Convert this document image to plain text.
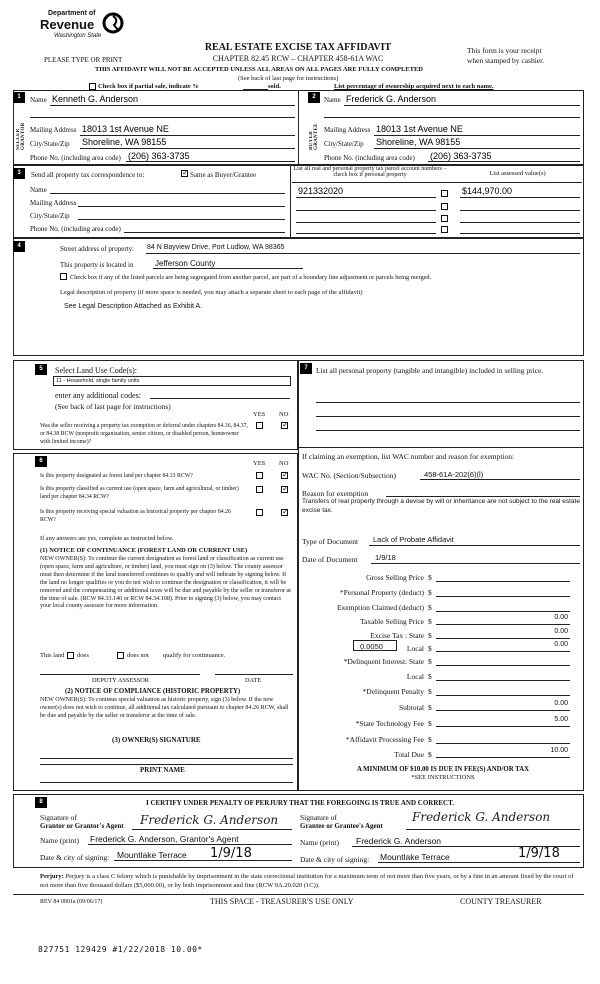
Department of
Revenue
Washington State
REAL ESTATE EXCISE TAX AFFIDAVIT
CHAPTER 82.45 RCW – CHAPTER 458-61A WAC
This form is your receipt
when stamped by cashier.
PLEASE TYPE OR PRINT
THIS AFFIDAVIT WILL NOT BE ACCEPTED UNLESS ALL AREAS ON ALL PAGES ARE FULLY COMPLETED
(See back of last page for instructions)
Check box if partial sale, indicate %	sold.	List percentage of ownership acquired next to each name.
1	2
SELLER GRANTOR	BUYER GRANTEE
Name Kenneth G. Anderson
Mailing Address 18013 1st Avenue NE
City/State/Zip Shoreline, WA 98155
Phone No. (including area code) (206) 363-3735
Name Frederick G. Anderson
Mailing Address 18013 1st Avenue NE
City/State/Zip Shoreline, WA 98155
Phone No. (including area code) (206) 363-3735
3	Send all property tax correspondence to: ✓	Same as Buyer/Grantee
Name
Mailing Address
City/State/Zip
Phone No. (including area code)
List all real and personal property tax parcel account numbers – check box if personal property	List assessed value(s)
921332020	$144,970.00
4	Street address of property: 84 N Bayview Drive, Port Ludlow, WA 98365
This property is located in	Jefferson County
Check box if any of the listed parcels are being segregated from another parcel, are part of a boundary line adjustment or parcels being merged.
Legal description of property (if more space is needed, you may attach a separate sheet to each page of the affidavit)
See Legal Description Attached as Exhibit A.
5	Select Land Use Code(s):
11 - Household, single family units
enter any additional codes:
(See back of last page for instructions)
YES NO
Was the seller receiving a property tax exemption or deferral under chapters 84.36, 84.37, or 84.38 RCW (nonprofit organization, senior citizen, or disabled person, homeowner with limited income)?
✓
6	YES NO
Is this property designated as forest land per chapter 84.33 RCW?
✓
Is this property classified as current use (open space, farm and agricultural, or timber) land per chapter 84.34 RCW?
✓
Is this property receiving special valuation as historical property per chapter 84.26 RCW?
✓
If any answers are yes, complete as instructed below.
(1) NOTICE OF CONTINUANCE (FOREST LAND OR CURRENT USE)
NEW OWNER(S): To continue the current designation as forest land or classification as current use (open space, farm and agriculture, or timber) land, you must sign on (3) below. The county assessor must then determine if the land transferred continues to qualify and will indicate by signing below. If the land no longer qualifies or you do not wish to continue the designation or classification, it will be removed and the compensating or additional taxes will be due and payable by the seller or transferor at the time of sale. (RCW 84.33.140 or RCW 84.34.108). Prior to signing (3) below, you may contact your local county assessor for more information.
This land does	does not qualify for continuance.
DEPUTY ASSESSOR	DATE
(2) NOTICE OF COMPLIANCE (HISTORIC PROPERTY)
NEW OWNER(S): To continue special valuation as historic property, sign (3) below. If the new owner(s) does not wish to continue, all additional tax calculated pursuant to chapter 84.26 RCW, shall be due and payable by the seller or transferor at the time of sale.
(3) OWNER(S) SIGNATURE
PRINT NAME
7	List all personal property (tangible and intangible) included in selling price.
If claiming an exemption, list WAC number and reason for exemption:
WAC No. (Section/Subsection)	458-61A-202(6)(l)
Reason for exemption
Transfers of real property through a devise by will or inheritance are not subject to the real estate excise tax.
Type of Document Lack of Probate Affidavit
Date of Document 1/9/18
Gross Selling Price $
*Personal Property (deduct) $
Exemption Claimed (deduct) $
Taxable Selling Price $	0.00
Excise Tax : State $	0.00
0.0050	Local $	0.00
*Delinquent Interest: State $
Local $
*Delinquent Penalty $
Subtotal $	0.00
*State Technology Fee $	5.00
*Affidavit Processing Fee $
Total Due $	10.00
A MINIMUM OF $10.00 IS DUE IN FEE(S) AND/OR TAX
*SEE INSTRUCTIONS
8	I CERTIFY UNDER PENALTY OF PERJURY THAT THE FOREGOING IS TRUE AND CORRECT.
Signature of
Grantor or Grantor's Agent Frederick G. Anderson
Name (print) Frederick G. Anderson, Grantor's Agent
Date & city of signing: Mountlake Terrace 1/9/18
Signature of
Grantee or Grantee's Agent
Frederick G. Anderson
Name (print) Frederick G. Anderson
Date & city of signing: Mountlake Terrace	1/9/18
Perjury: Perjury is a class C felony which is punishable by imprisonment in the state correctional institution for a maximum term of not more than five years, or by a fine in an amount fixed by the court of not more than five thousand dollars ($5,000.00), or by both imprisonment and fine (RCW 9A.20.020 (1C)).
REV 84 0001a (09/06/17)	THIS SPACE - TREASURER'S USE ONLY	COUNTY TREASURER
827751 129429 #1/22/2018 10.00*
